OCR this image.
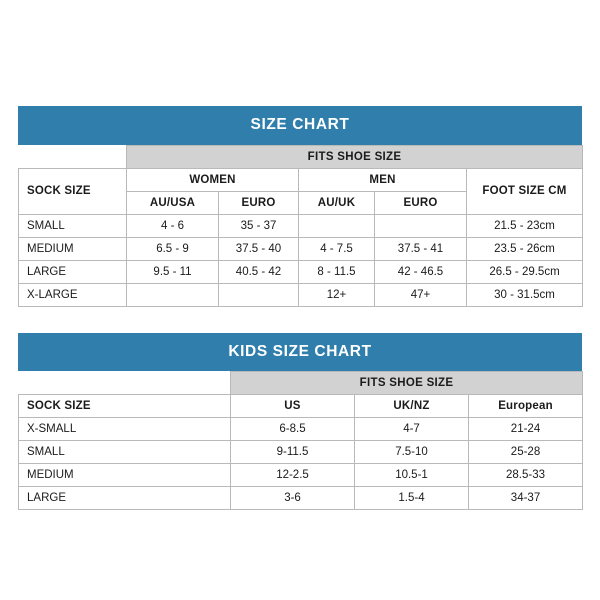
SIZE CHART
	FITS SHOE SIZE				
SOCK SIZE	WOMEN		MEN		FOOT SIZE CM
	AU/USA	EURO	AU/UK	EURO	
SMALL	4 - 6	35 - 37			21.5 - 23cm
MEDIUM	6.5 - 9	37.5 - 40	4 - 7.5	37.5 - 41	23.5 - 26cm
LARGE	9.5 - 11	40.5 - 42	8 - 11.5	42 - 46.5	26.5 - 29.5cm
X-LARGE			12+	47+	30 - 31.5cm
KIDS SIZE CHART
	FITS SHOE SIZE		
SOCK SIZE	US	UK/NZ	European
X-SMALL	6-8.5	4-7	21-24
SMALL	9-11.5	7.5-10	25-28
MEDIUM	12-2.5	10.5-1	28.5-33
LARGE	3-6	1.5-4	34-37
